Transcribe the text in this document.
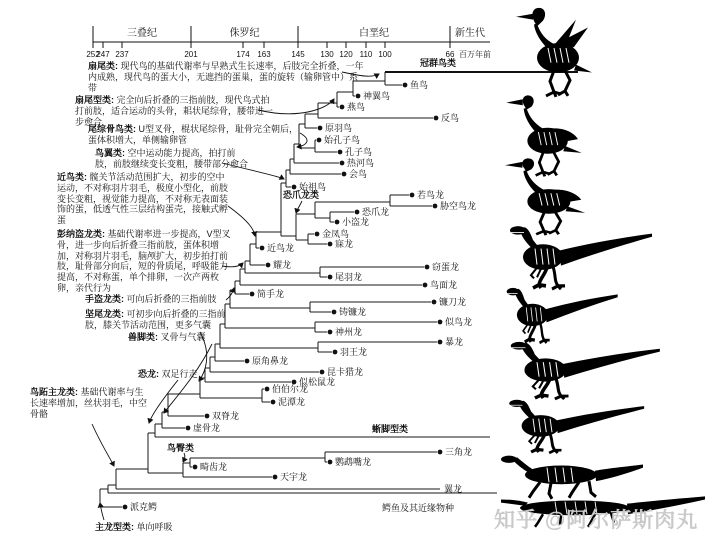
三叠纪	侏罗纪	白垩纪	新生代
252
247 237	201	174 163	145 130 120 110 100	66 百万年前
鱼鸟
神翼鸟
燕鸟
反鸟
原羽鸟
始孔子鸟
孔子鸟
热河鸟
会鸟
始祖鸟
若鸟龙
胁空鸟龙
恐爪龙
小盗龙
金凤鸟
寐龙
近鸟龙
耀龙	窃蛋龙
尾羽龙
鸟面龙
简手龙
镰刀龙
铸镰龙
似鸟龙
神州龙
暴龙
羽王龙
原角鼻龙
昆卡猎龙
似松鼠龙
伯伯尔龙
泥潭龙
双脊龙
虚骨龙
三角龙
鹦鹉嘴龙
畸齿龙
天宇龙
派克鳄
冠群鸟类
恐爪龙类
蜥脚型类
鸟臀类
翼龙
鳄鱼及其近缘物种
扇尾类: 现代鸟的基础代谢率与早熟式生长速率，后肢完全折叠，一年内成熟，现代鸟的蛋大小，无遮挡的蛋巢，蛋的旋转（输卵管中）系带
扇尾型类: 完全向后折叠的三指前肢，现代鸟式拍打前肢，适合运动的头骨，耜状尾综骨，腰带进一步愈合
尾综骨鸟类: U型叉骨，棍状尾综骨，耻骨完全朝后，蛋体积增大，单侧输卵管
鸟翼类: 空中运动能力提高，拍打前肢，前肢继续变长变粗，腰带部分愈合
近鸟类: 髋关节活动范围扩大，初步的空中运动，不对称羽片羽毛，极度小型化，前肢变长变粗，视觉能力提高，不对称无表面装饰的蛋，低透气性三层结构蛋壳，接触式孵蛋
彭纳盗龙类: 基础代谢率进一步提高，V型叉骨，进一步向后折叠三指前肢，蛋体积增加，对称羽片羽毛，脑颅扩大，初步拍打前肢，耻骨部分向后，短的骨质尾，呼吸能力提高，不对称蛋，单个排卵，一次产两枚卵，亲代行为
手盗龙类: 可向后折叠的三指前肢
坚尾龙类: 可初步向后折叠的三指前肢，膝关节活动范围，更多气囊
兽脚类: 叉骨与气囊
恐龙: 双足行走
鸟跖主龙类: 基础代谢率与生长速率增加，丝状羽毛，中空骨骼
主龙型类: 单向呼吸	知乎 @阿尔萨斯肉丸
